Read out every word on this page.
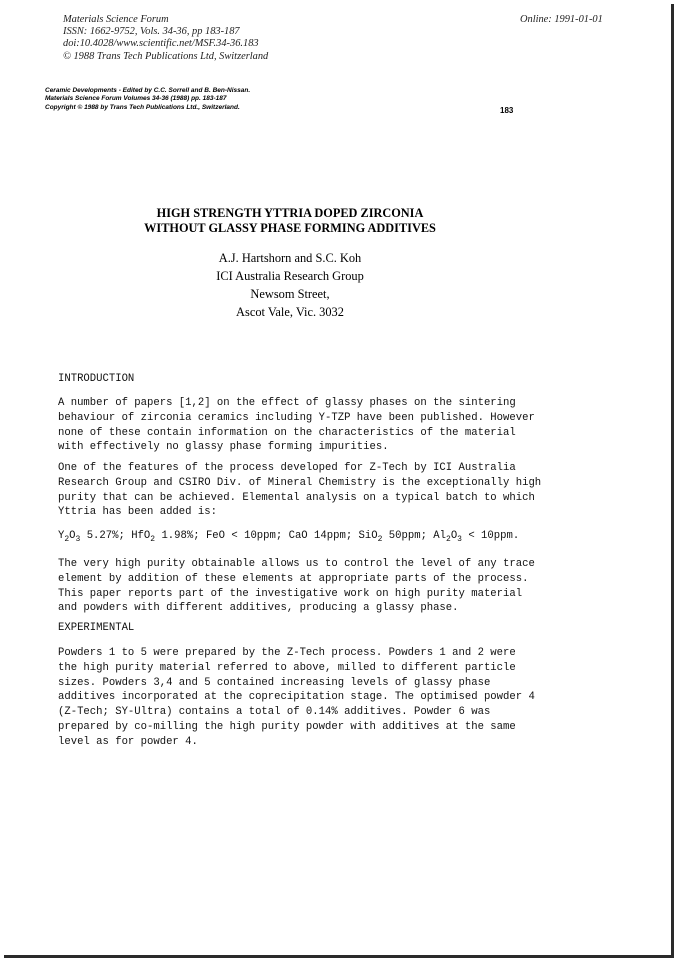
Materials Science Forum
ISSN: 1662-9752, Vols. 34-36, pp 183-187
doi:10.4028/www.scientific.net/MSF.34-36.183
© 1988 Trans Tech Publications Ltd, Switzerland
Online: 1991-01-01
Ceramic Developments - Edited by C.C. Sorrell and B. Ben-Nissan.
Materials Science Forum Volumes 34-36 (1988) pp. 183-187
Copyright © 1988 by Trans Tech Publications Ltd., Switzerland.	183
HIGH STRENGTH YTTRIA DOPED ZIRCONIA
WITHOUT GLASSY PHASE FORMING ADDITIVES
A.J. Hartshorn and S.C. Koh
ICI Australia Research Group
Newsom Street,
Ascot Vale, Vic. 3032
INTRODUCTION
A number of papers [1,2] on the effect of glassy phases on the sintering
behaviour of zirconia ceramics including Y-TZP have been published. However
none of these contain information on the characteristics of the material
with effectively no glassy phase forming impurities.
One of the features of the process developed for Z-Tech by ICI Australia
Research Group and CSIRO Div. of Mineral Chemistry is the exceptionally high
purity that can be achieved. Elemental analysis on a typical batch to which
Yttria has been added is:
$Y_2O_3$ 5.27%; HfO$_2$ 1.98%; FeO < 10ppm; CaO 14ppm; SiO$_2$ 50ppm; $Al_2O_3 < 10ppm$.
The very high purity obtainable allows us to control the level of any trace
element by addition of these elements at appropriate parts of the process.
This paper reports part of the investigative work on high purity material
and powders with different additives, producing a glassy phase.
EXPERIMENTAL
Powders 1 to 5 were prepared by the Z-Tech process. Powders 1 and 2 were
the high purity material referred to above, milled to different particle
sizes. Powders 3,4 and 5 contained increasing levels of glassy phase
additives incorporated at the coprecipitation stage. The optimised powder 4
(Z-Tech; SY-Ultra) contains a total of 0.14% additives. Powder 6 was
prepared by co-milling the high purity powder with additives at the same
level as for powder 4.
